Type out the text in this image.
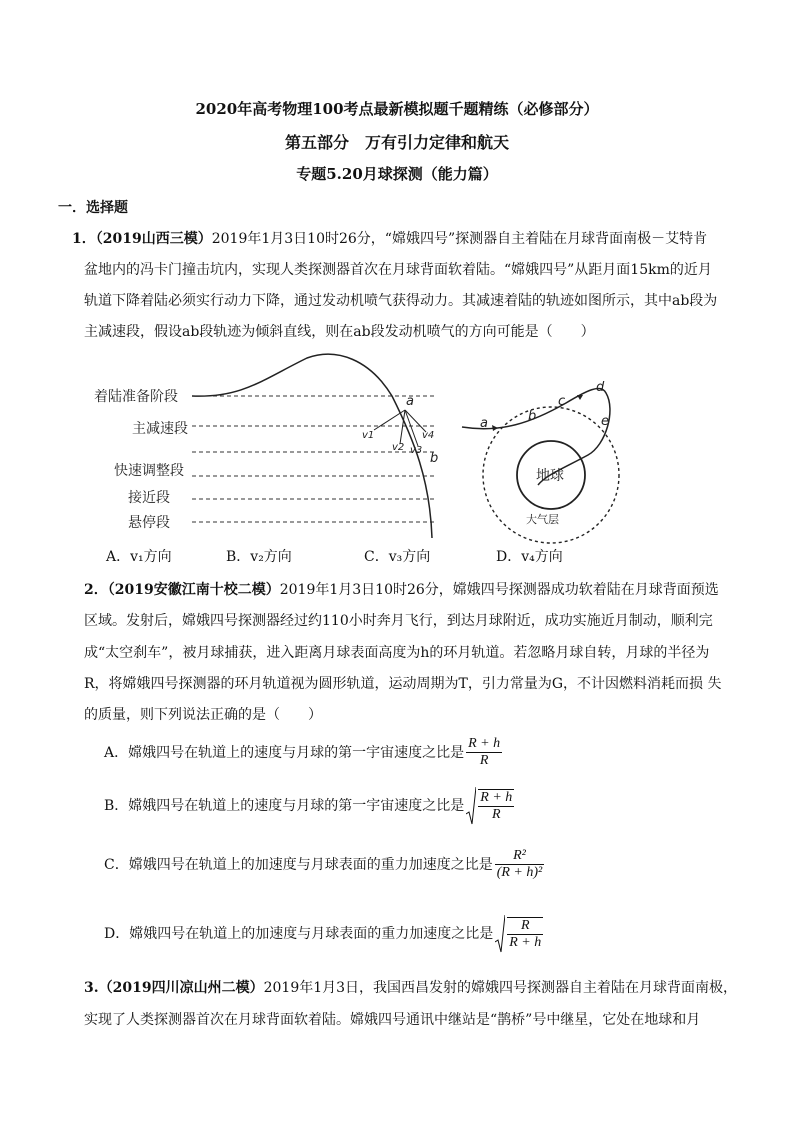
2020年高考物理100考点最新模拟题千题精练（必修部分）
第五部分　万有引力定律和航天
专题5.20月球探测（能力篇）
一．选择题
1．（2019山西三模）2019年1月3日10时26分，“嫦娥四号”探测器自主着陆在月球背面南极－艾特肯
盆地内的冯卡门撞击坑内，实现人类探测器首次在月球背面软着陆。“嫦娥四号”从距月面15km的近月
轨道下降着陆必须实行动力下降，通过发动机喷气获得动力。其减速着陆的轨迹如图所示，其中ab段为
主减速段，假设ab段轨迹为倾斜直线，则在ab段发动机喷气的方向可能是（　　）
着陆准备阶段
主减速段
快速调整段
接近段
悬停段
a
b
v1
v2 v3
v4
a	b
c
d
e
地球
大气层
A．v₁方向	B．v₂方向	C．v₃方向	D．v₄方向
2．（2019安徽江南十校二模）2019年1月3日10时26分，嫦娥四号探测器成功软着陆在月球背面预选
区域。发射后，嫦娥四号探测器经过约110小时奔月飞行，到达月球附近，成功实施近月制动，顺利完
成“太空刹车”，被月球捕获，进入距离月球表面高度为h的环月轨道。若忽略月球自转，月球的半径为
R，将嫦娥四号探测器的环月轨道视为圆形轨道，运动周期为T，引力常量为G，不计因燃料消耗而损 失
的质量，则下列说法正确的是（　　）
A．嫦娥四号在轨道上的速度与月球的第一宇宙速度之比是 $\frac{R + h}{R}$
B．嫦娥四号在轨道上的速度与月球的第一宇宙速度之比是 $\frac{R + h}{R}$
C．嫦娥四号在轨道上的加速度与月球表面的重力加速度之比是 $\frac{\text{R²}}{\text{(R + h)²}}$
D．嫦娥四号在轨道上的加速度与月球表面的重力加速度之比是 $\frac{R}{R + h}$
3.（2019四川凉山州二模）2019年1月3日，我国西昌发射的嫦娥四号探测器自主着陆在月球背面南极，
实现了人类探测器首次在月球背面软着陆。嫦娥四号通讯中继站是“鹊桥”号中继星，它处在地球和月
